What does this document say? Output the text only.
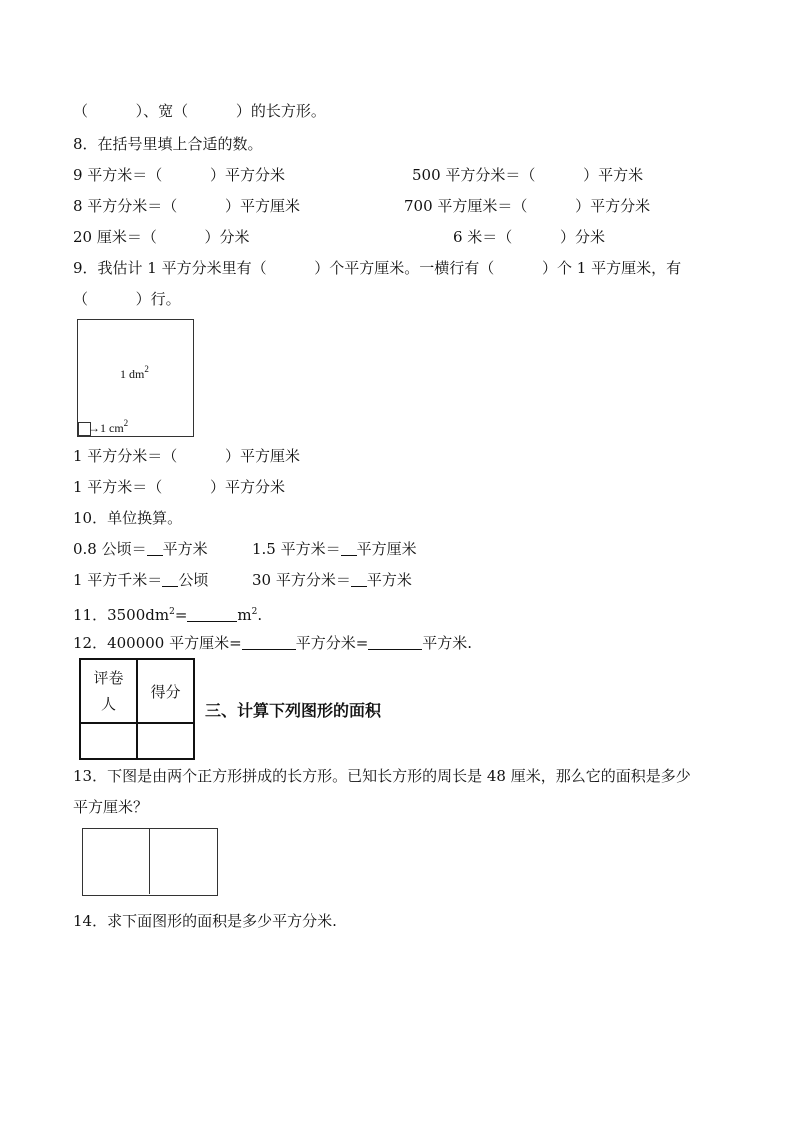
（          ）、宽（          ）的长方形。
8．在括号里填上合适的数。
9 平方米＝（          ）平方分米	500 平方分米＝（          ）平方米
8 平方分米＝（          ）平方厘米	700 平方厘米＝（          ）平方分米
20 厘米＝（          ）分米	6 米＝（          ）分米
9．我估计 1 平方分米里有（          ）个平方厘米。一横行有（          ）个 1 平方厘米，有
（          ）行。
1 $dm^2$
→1 $cm^2$
1 平方分米＝（          ）平方厘米
1 平方米＝（          ）平方分米
10．单位换算。
0.8 公顷＝ 平方米	1.5 平方米＝ 平方厘米
1 平方千米＝ 公顷	30 平方分米＝ 平方米
11．$3500dm^2=$	$m^2$.
12．400000 平方厘米=	平方分米=	平方米.
评卷
人	得分

三、计算下列图形的面积
13．下图是由两个正方形拼成的长方形。已知长方形的周长是 48 厘米，那么它的面积是多少
平方厘米？
14．求下面图形的面积是多少平方分米.
